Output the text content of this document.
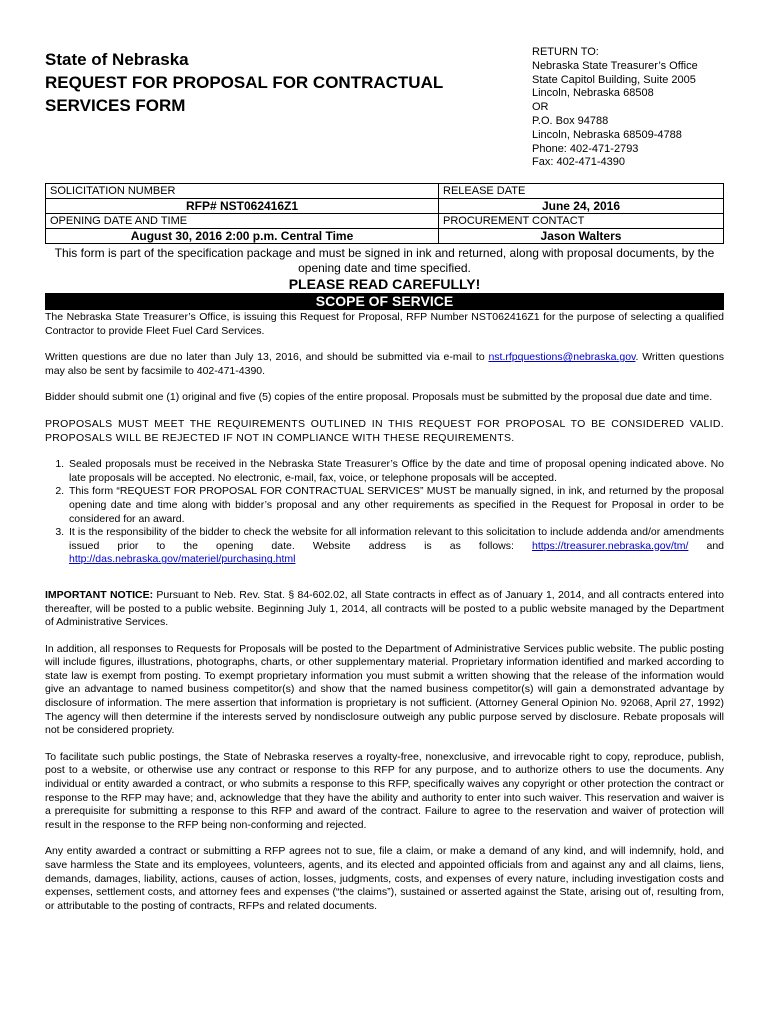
State of Nebraska
REQUEST FOR PROPOSAL FOR CONTRACTUAL
SERVICES FORM
RETURN TO:
Nebraska State Treasurer’s Office
State Capitol Building, Suite 2005
Lincoln, Nebraska 68508
OR
P.O. Box 94788
Lincoln, Nebraska 68509-4788
Phone: 402-471-2793
Fax: 402-471-4390
SOLICITATION NUMBER	RELEASE DATE
RFP# NST062416Z1	June 24, 2016
OPENING DATE AND TIME	PROCUREMENT CONTACT
August 30, 2016 2:00 p.m. Central Time	Jason Walters
This form is part of the specification package and must be signed in ink and returned, along with proposal documents, by the opening date and time specified.
PLEASE READ CAREFULLY!
SCOPE OF SERVICE

The Nebraska State Treasurer’s Office, is issuing this Request for Proposal, RFP Number NST062416Z1 for the purpose of selecting a qualified Contractor to provide Fleet Fuel Card Services.

Written questions are due no later than July 13, 2016, and should be submitted via e-mail to nst.rfpquestions@nebraska.gov. Written questions may also be sent by facsimile to 402-471-4390.

Bidder should submit one (1) original and five (5) copies of the entire proposal. Proposals must be submitted by the proposal due date and time.

PROPOSALS MUST MEET THE REQUIREMENTS OUTLINED IN THIS REQUEST FOR PROPOSAL TO BE CONSIDERED VALID. PROPOSALS WILL BE REJECTED IF NOT IN COMPLIANCE WITH THESE REQUIREMENTS.

1. Sealed proposals must be received in the Nebraska State Treasurer’s Office by the date and time of proposal opening indicated above. No late proposals will be accepted. No electronic, e-mail, fax, voice, or telephone proposals will be accepted.
2. This form “REQUEST FOR PROPOSAL FOR CONTRACTUAL SERVICES” MUST be manually signed, in ink, and returned by the proposal opening date and time along with bidder’s proposal and any other requirements as specified in the Request for Proposal in order to be considered for an award.
3. It is the responsibility of the bidder to check the website for all information relevant to this solicitation to include addenda and/or amendments issued prior to the opening date. Website address is as follows: https://treasurer.nebraska.gov/tm/ and http://das.nebraska.gov/materiel/purchasing.html

IMPORTANT NOTICE: Pursuant to Neb. Rev. Stat. § 84-602.02, all State contracts in effect as of January 1, 2014, and all contracts entered into thereafter, will be posted to a public website. Beginning July 1, 2014, all contracts will be posted to a public website managed by the Department of Administrative Services.

In addition, all responses to Requests for Proposals will be posted to the Department of Administrative Services public website. The public posting will include figures, illustrations, photographs, charts, or other supplementary material. Proprietary information identified and marked according to state law is exempt from posting. To exempt proprietary information you must submit a written showing that the release of the information would give an advantage to named business competitor(s) and show that the named business competitor(s) will gain a demonstrated advantage by disclosure of information. The mere assertion that information is proprietary is not sufficient. (Attorney General Opinion No. 92068, April 27, 1992) The agency will then determine if the interests served by nondisclosure outweigh any public purpose served by disclosure. Rebate proposals will not be considered propriety.

To facilitate such public postings, the State of Nebraska reserves a royalty-free, nonexclusive, and irrevocable right to copy, reproduce, publish, post to a website, or otherwise use any contract or response to this RFP for any purpose, and to authorize others to use the documents. Any individual or entity awarded a contract, or who submits a response to this RFP, specifically waives any copyright or other protection the contract or response to the RFP may have; and, acknowledge that they have the ability and authority to enter into such waiver. This reservation and waiver is a prerequisite for submitting a response to this RFP and award of the contract. Failure to agree to the reservation and waiver of protection will result in the response to the RFP being non-conforming and rejected.

Any entity awarded a contract or submitting a RFP agrees not to sue, file a claim, or make a demand of any kind, and will indemnify, hold, and save harmless the State and its employees, volunteers, agents, and its elected and appointed officials from and against any and all claims, liens, demands, damages, liability, actions, causes of action, losses, judgments, costs, and expenses of every nature, including investigation costs and expenses, settlement costs, and attorney fees and expenses (“the claims”), sustained or asserted against the State, arising out of, resulting from, or attributable to the posting of contracts, RFPs and related documents.
